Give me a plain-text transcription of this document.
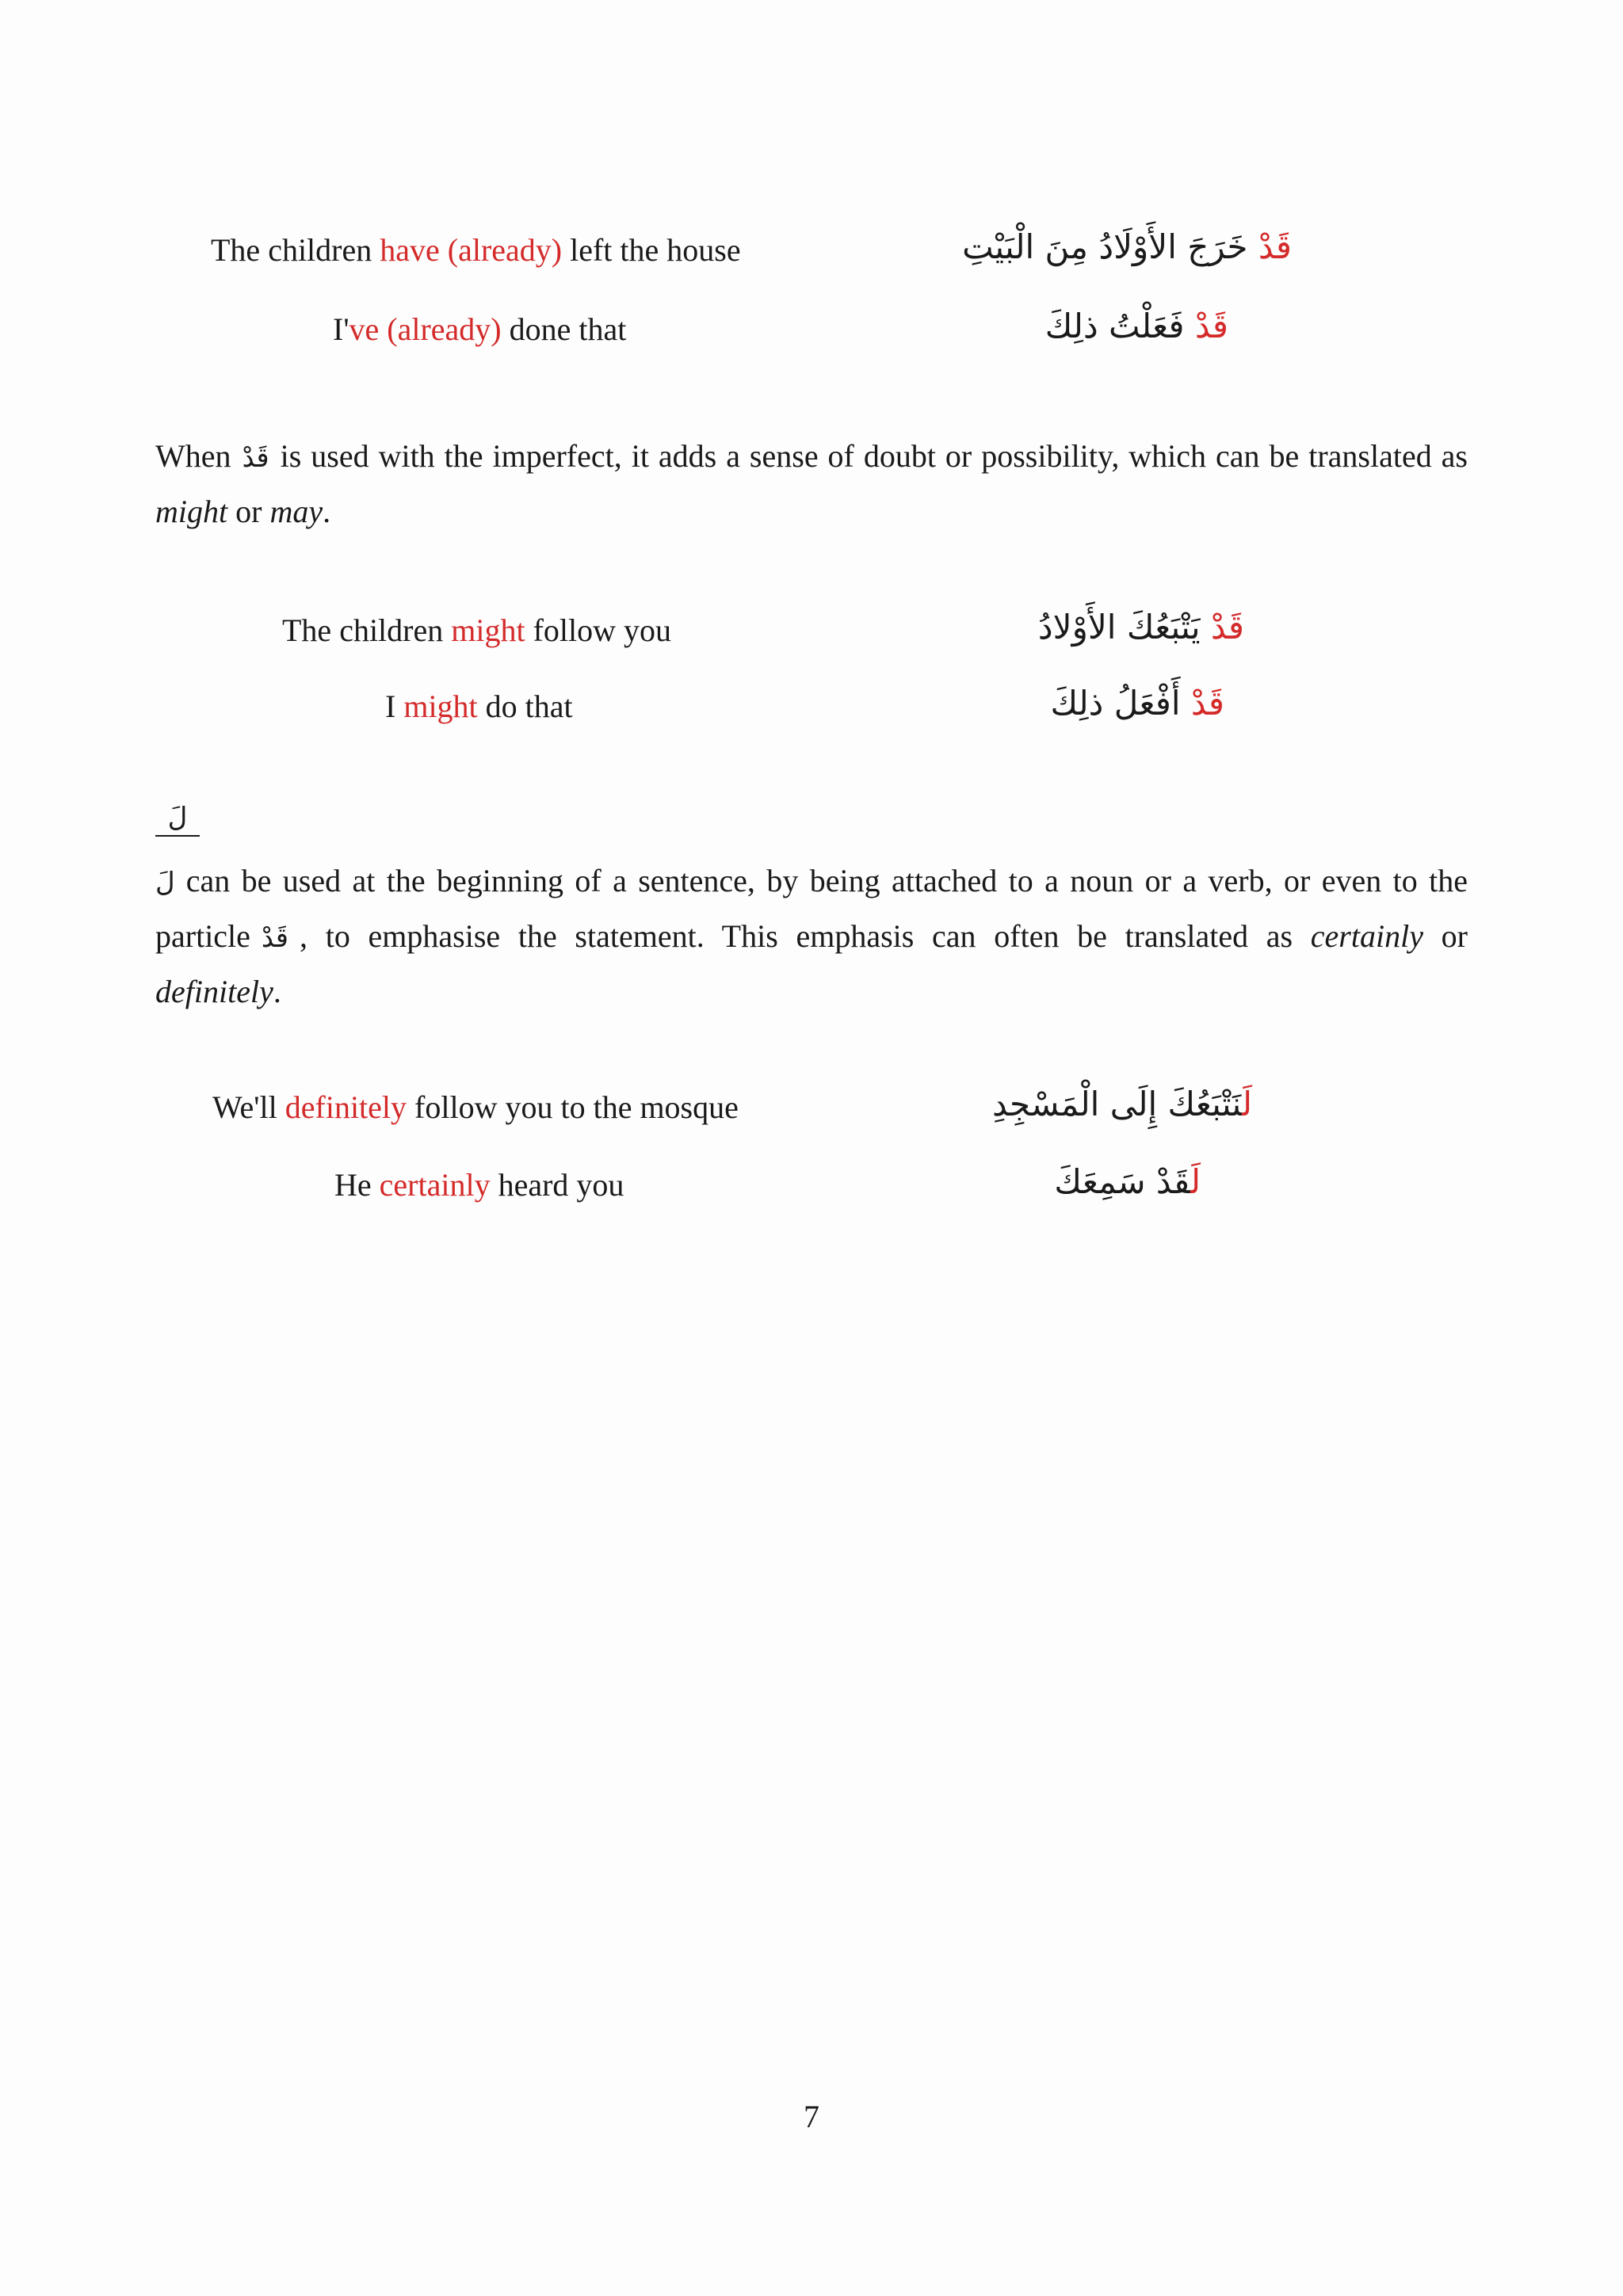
The children have (already) left the house	قَدْ خَرَجَ الأَوْلَادُ مِنَ الْبَيْتِ
I've (already) done that	قَدْ فَعَلْتُ ذلِكَ
When قَدْ is used with the imperfect, it adds a sense of doubt or possibility, which can be translated as might or may.
The children might follow you	قَدْ يَتْبَعُكَ الأَوْلادُ
I might do that	قَدْ أَفْعَلُ ذلِكَ
لَ
لَ can be used at the beginning of a sentence, by being attached to a noun or a verb, or even to the particle قَدْ , to emphasise the statement. This emphasis can often be translated as certainly or definitely.
We'll definitely follow you to the mosque	لَنَتْبَعُكَ إِلَى الْمَسْجِدِ
He certainly heard you	لَقَدْ سَمِعَكَ
7
